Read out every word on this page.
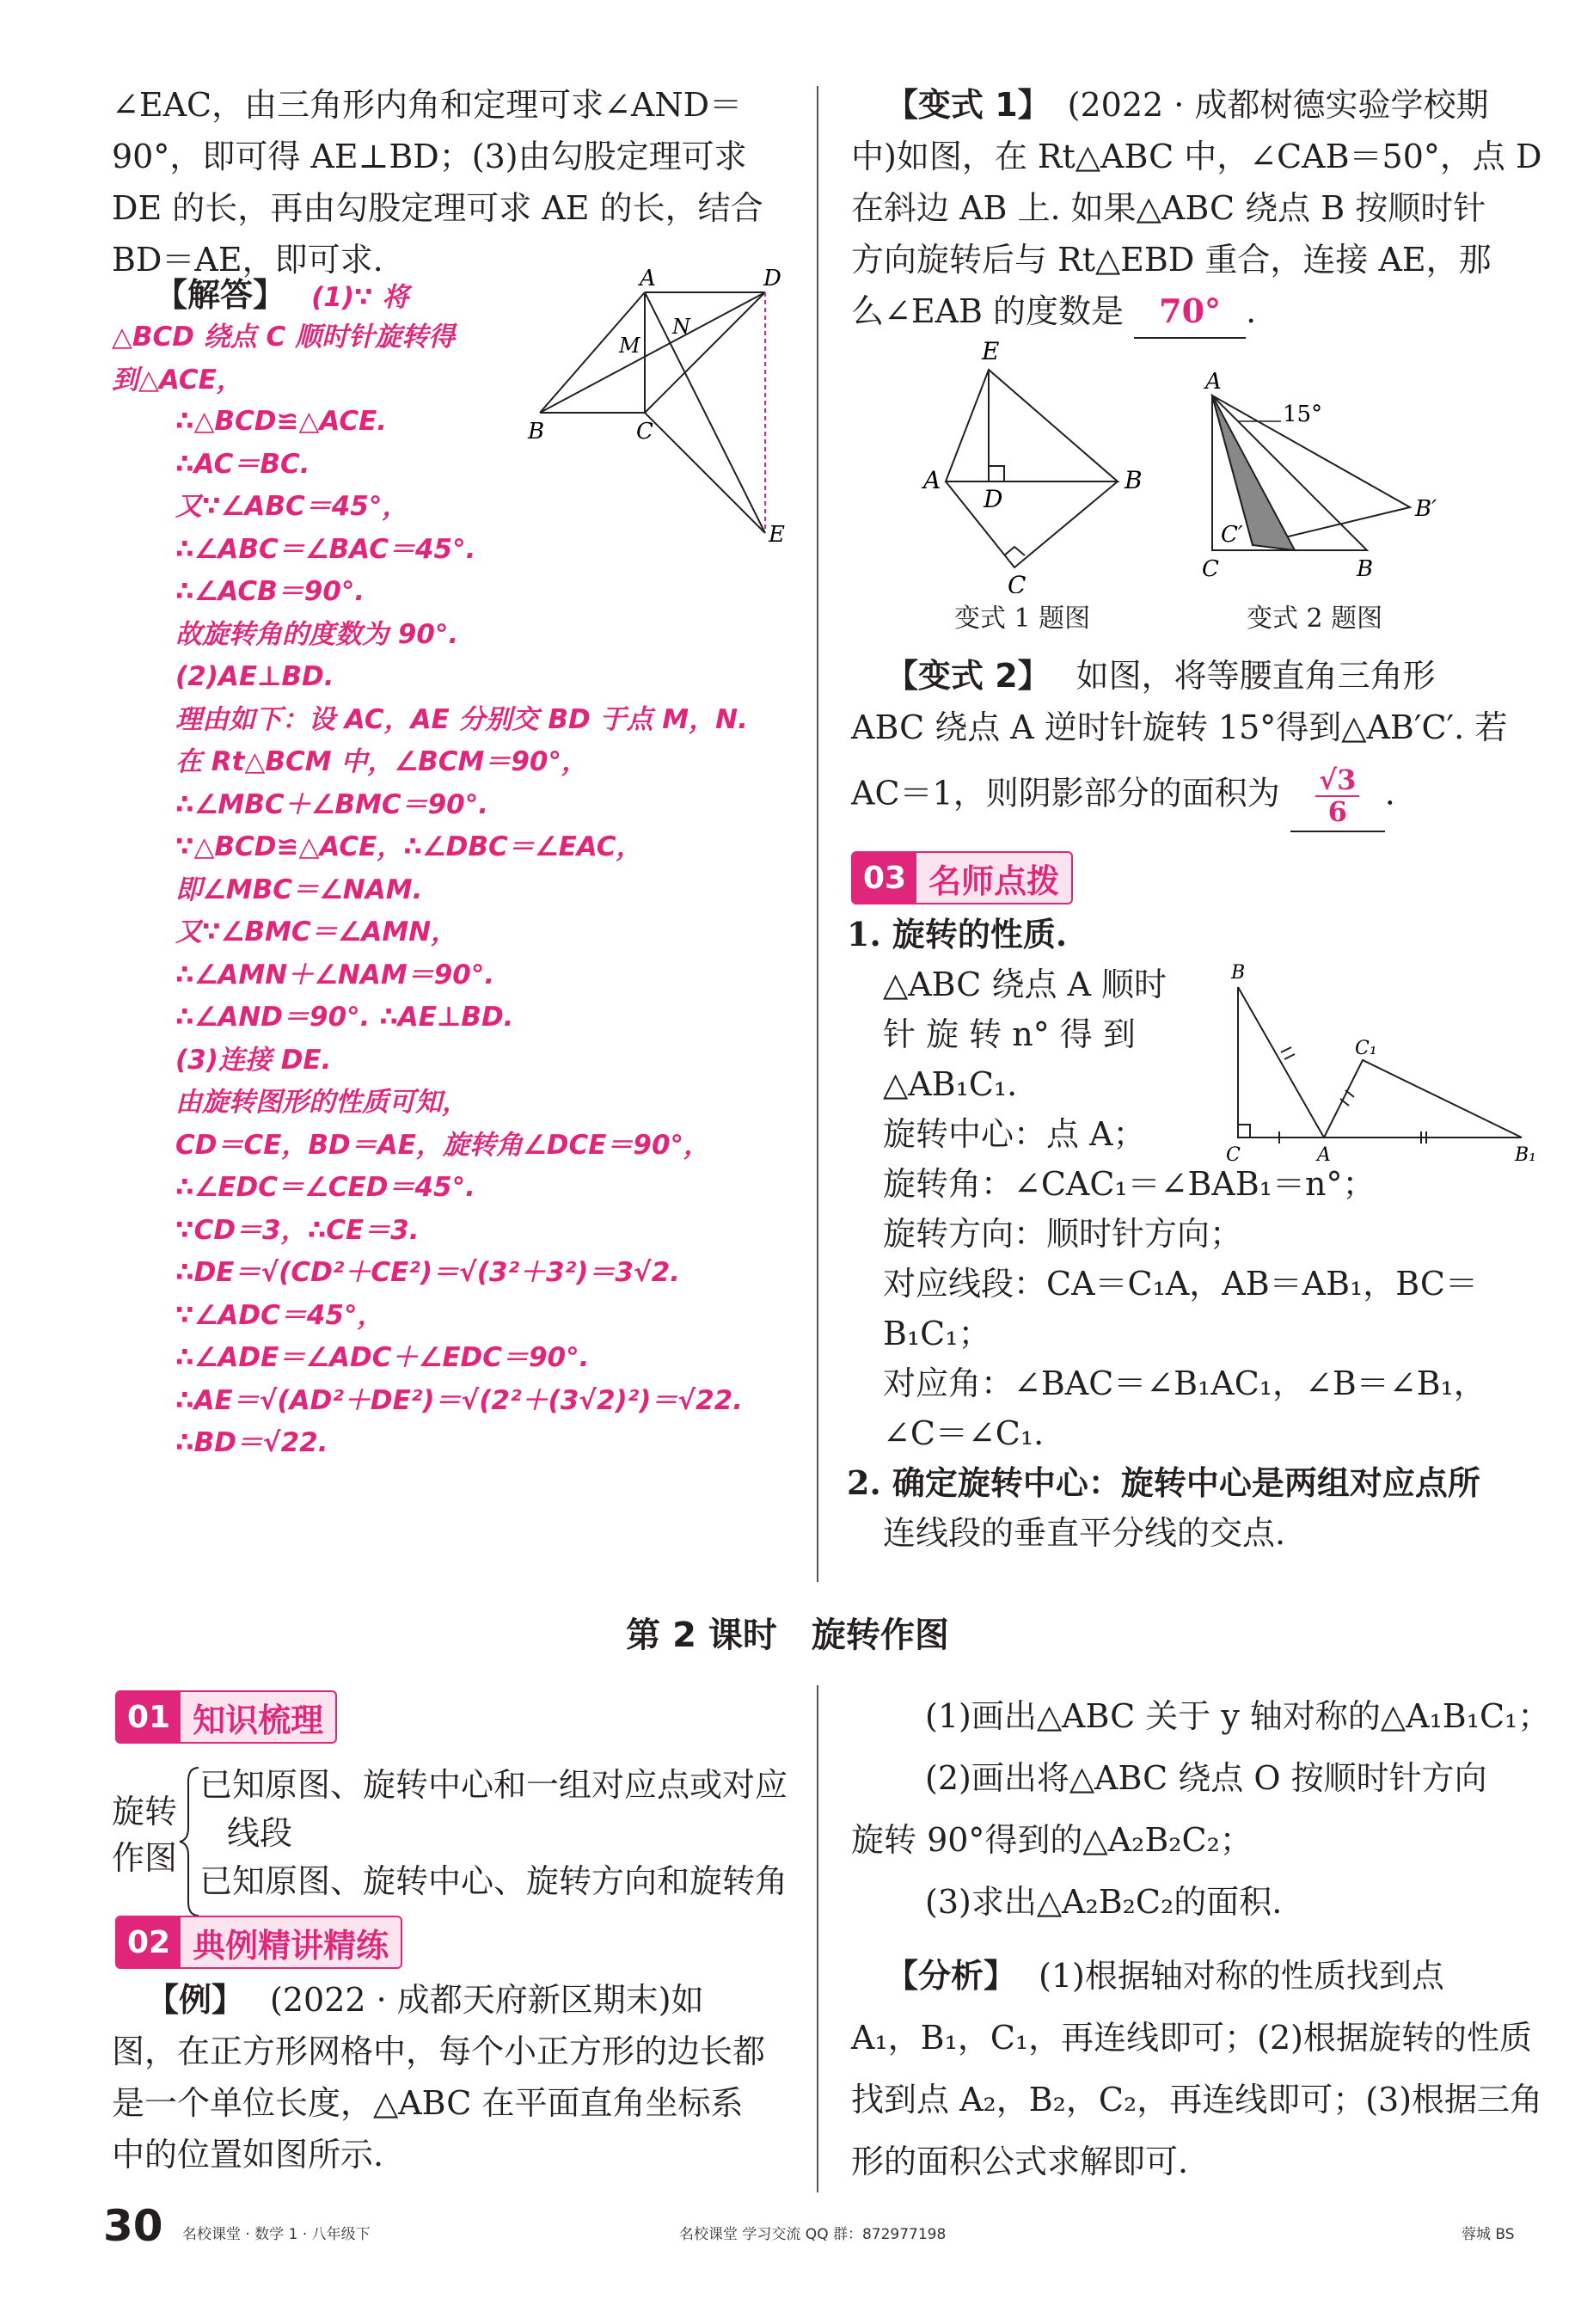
∠EAC，由三角形内角和定理可求∠AND＝
90°，即可得 AE⊥BD；(3)由勾股定理可求
DE 的长，再由勾股定理可求 AE 的长，结合
BD＝AE，即可求.
【解答】 (1)∵ 将
△BCD 绕点 C 顺时针旋转得
到△ACE，
∴△BCD≌△ACE.
∴AC＝BC.
又∵∠ABC＝45°，
∴∠ABC＝∠BAC＝45°.
∴∠ACB＝90°.
故旋转角的度数为 90°.
(2)AE⊥BD.
理由如下：设 AC，AE 分别交 BD 于点 M，N.
在 Rt△BCM 中，∠BCM＝90°，
∴∠MBC＋∠BMC＝90°.
∵△BCD≌△ACE，∴∠DBC＝∠EAC，
即∠MBC＝∠NAM.
又∵∠BMC＝∠AMN，
∴∠AMN＋∠NAM＝90°.
∴∠AND＝90°. ∴AE⊥BD.
(3)连接 DE.
由旋转图形的性质可知，
CD＝CE，BD＝AE，旋转角∠DCE＝90°，
∴∠EDC＝∠CED＝45°.
∵CD＝3，∴CE＝3.
∴DE＝√(CD²＋CE²)＝√(3²＋3²)＝3√2.
∵∠ADC＝45°，
∴∠ADE＝∠ADC＋∠EDC＝90°.
∴AE＝√(AD²＋DE²)＝√(2²＋(3√2)²)＝√22.
∴BD＝√22.
A	D
B	C
M
N
E
【变式 1】 (2022 · 成都树德实验学校期
中)如图，在 Rt△ABC 中，∠CAB＝50°，点 D
在斜边 AB 上. 如果△ABC 绕点 B 按顺时针
方向旋转后与 Rt△EBD 重合，连接 AE，那
么∠EAB 的度数是 70° .
E
A
D
B
C
变式 1 题图
A
15°
C′
C	B
B′
变式 2 题图
【变式 2】 如图，将等腰直角三角形
ABC 绕点 A 逆时针旋转 15°得到△AB′C′. 若
AC＝1，则阴影部分的面积为 $\frac{√3}{6}$ .
03 名师点拨
1. 旋转的性质.
△ABC 绕点 A 顺时
针 旋 转 n° 得 到
△AB₁C₁.
旋转中心：点 A；
旋转角：∠CAC₁＝∠BAB₁＝n°；
旋转方向：顺时针方向；
对应线段：CA＝C₁A，AB＝AB₁，BC＝
B₁C₁；
对应角：∠BAC＝∠B₁AC₁，∠B＝∠B₁，
∠C＝∠C₁.
2. 确定旋转中心：旋转中心是两组对应点所
连线段的垂直平分线的交点.
B
C	A
C₁
B₁
第 2 课时　旋转作图
01 知识梳理
旋转
作图
已知原图、旋转中心和一组对应点或对应
线段
已知原图、旋转中心、旋转方向和旋转角
02 典例精讲精练
【例】 (2022 · 成都天府新区期末)如
图，在正方形网格中，每个小正方形的边长都
是一个单位长度，△ABC 在平面直角坐标系
中的位置如图所示.
(1)画出△ABC 关于 y 轴对称的△A₁B₁C₁；
(2)画出将△ABC 绕点 O 按顺时针方向
旋转 90°得到的△A₂B₂C₂；
(3)求出△A₂B₂C₂的面积.
【分析】 (1)根据轴对称的性质找到点
A₁，B₁，C₁，再连线即可；(2)根据旋转的性质
找到点 A₂，B₂，C₂，再连线即可；(3)根据三角
形的面积公式求解即可.
30 名校课堂 · 数学 1 · 八年级下	名校课堂 学习交流 QQ 群：872977198	蓉城 BS
